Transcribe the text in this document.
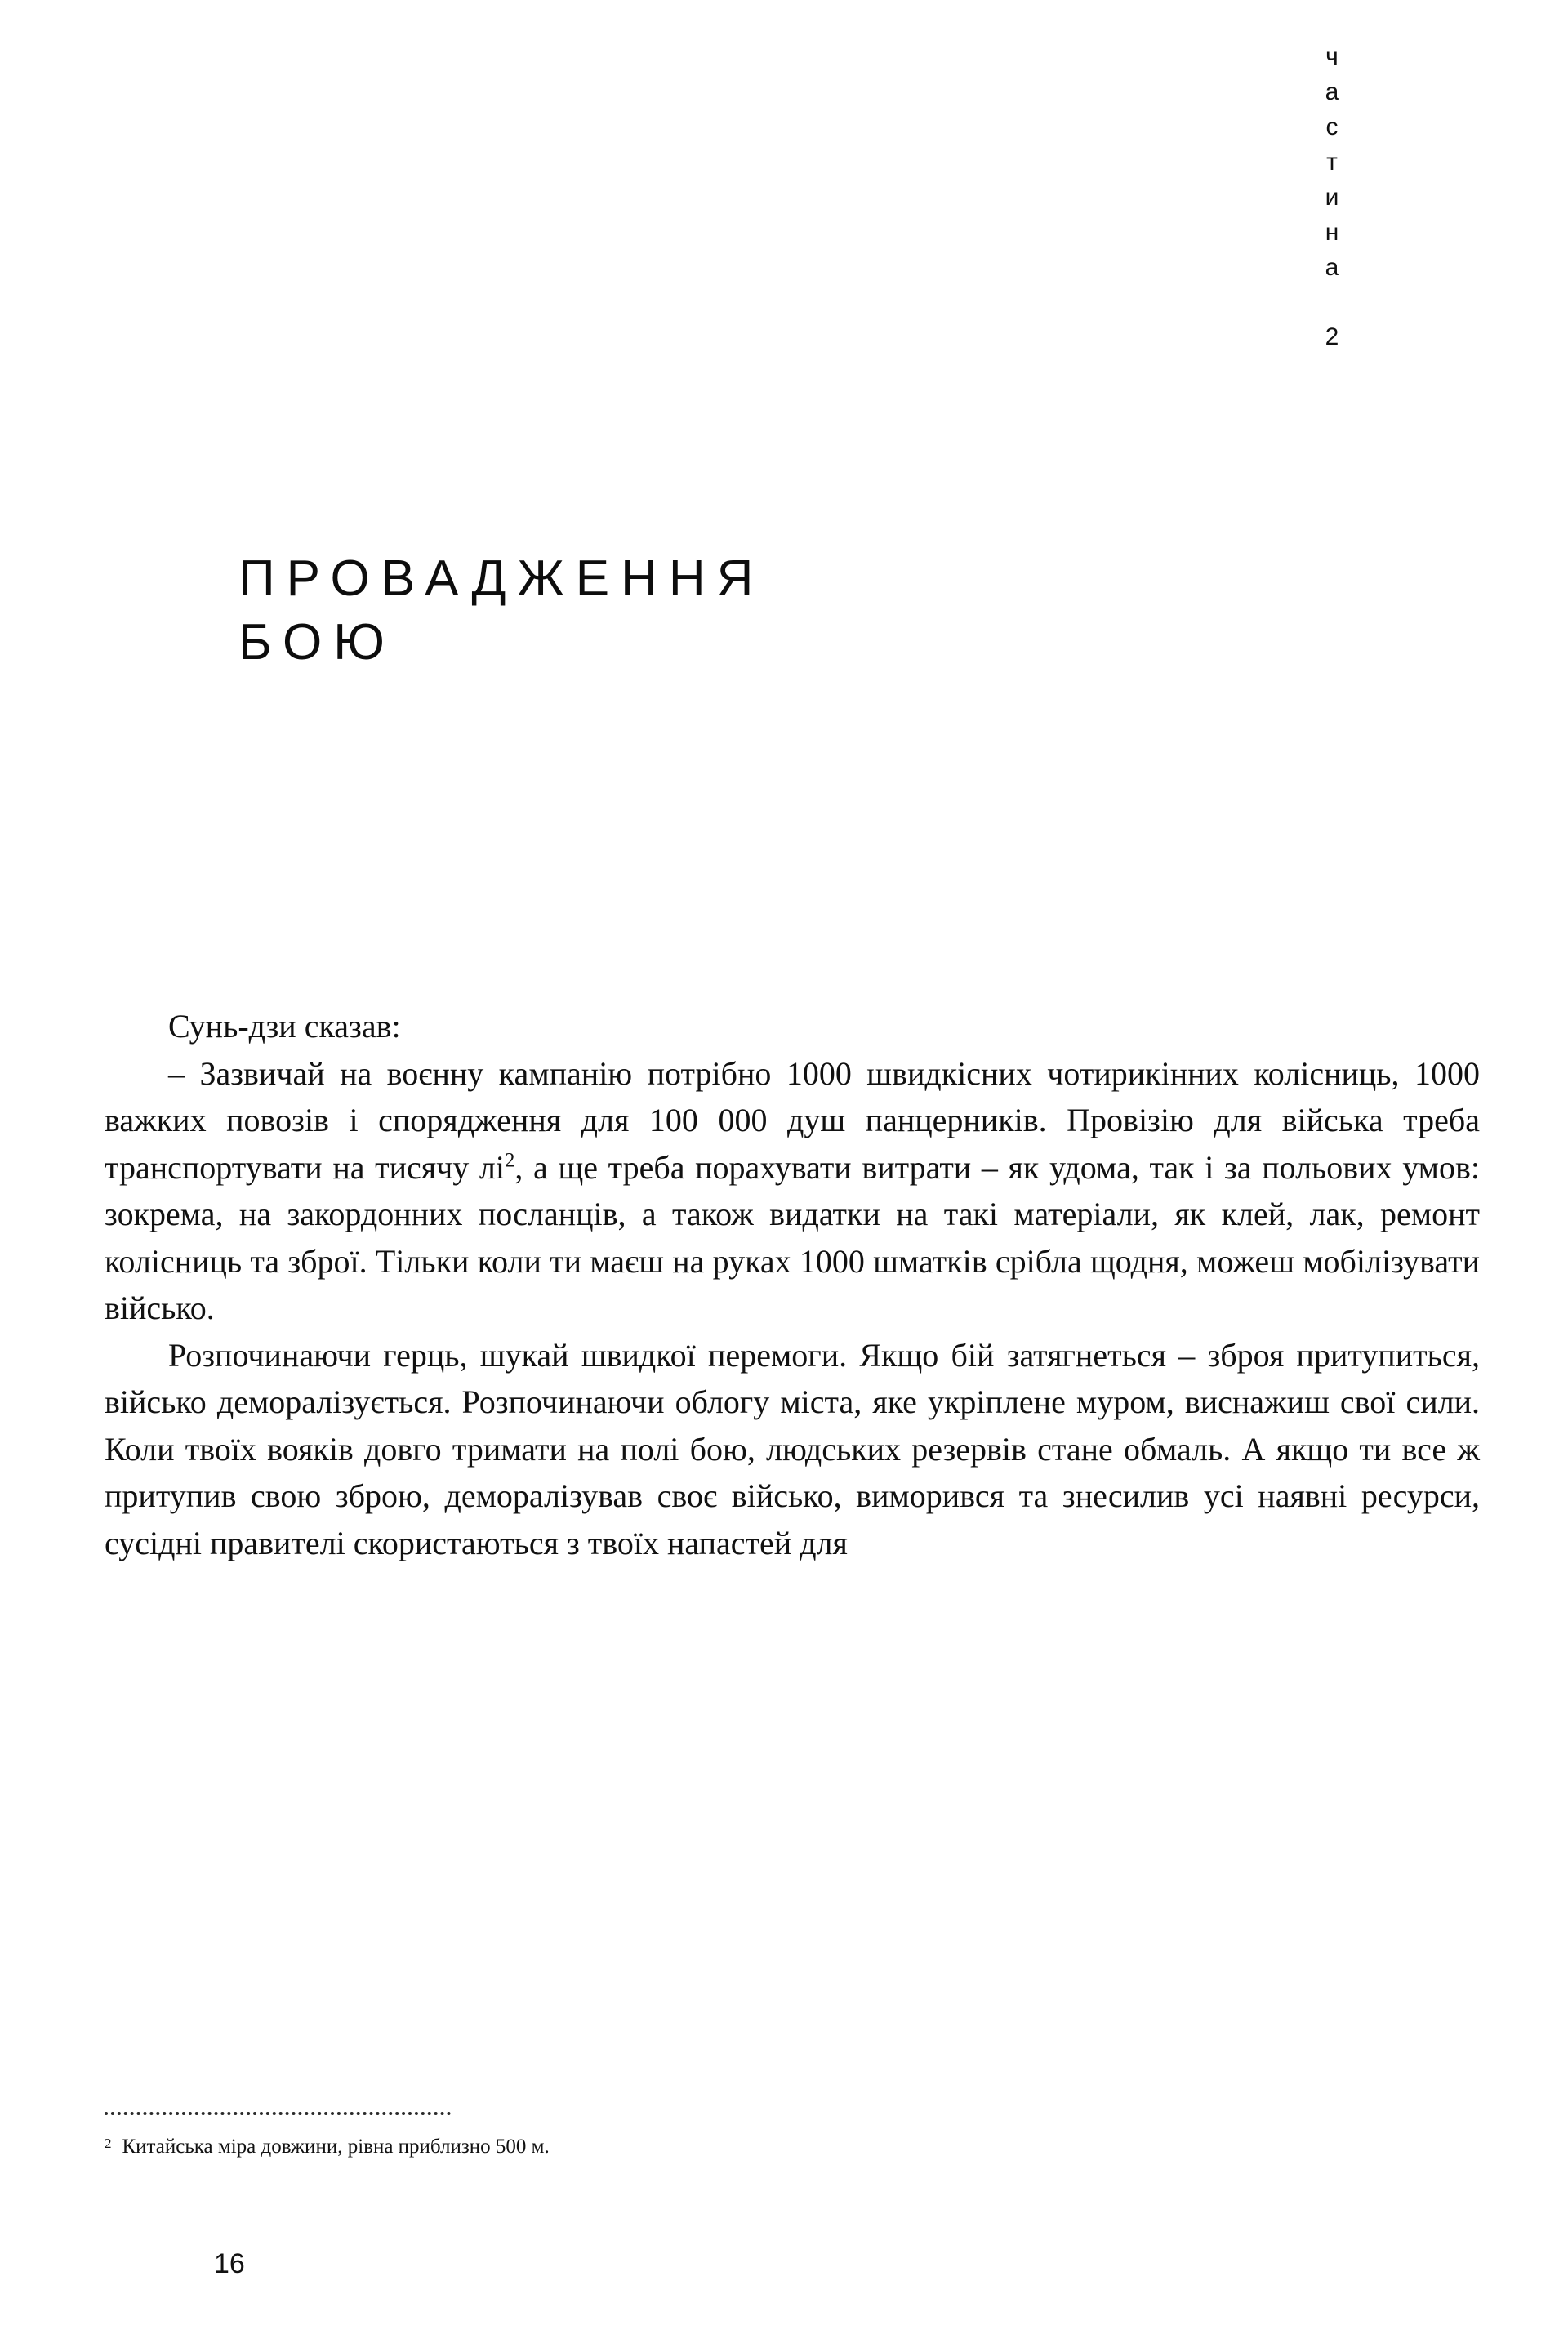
ч
а
с
т
и
н
а
2
ПРОВАДЖЕННЯ
БОЮ

Сунь-дзи сказав:

– Зазвичай на воєнну кампанію потрібно 1000 швидкісних чотирикінних колісниць, 1000 важких повозів і спорядження для 100 000 душ панцерників. Провізію для війська треба транспортувати на тисячу лі$^2$, а ще треба порахувати витрати – як удома, так і за польових умов: зокрема, на закордонних посланців, а також видатки на такі матеріали, як клей, лак, ремонт колісниць та зброї. Тільки коли ти маєш на руках 1000 шматків срібла щодня, можеш мобілізувати військо.

Розпочинаючи герць, шукай швидкої перемоги. Якщо бій затягнеться – зброя притупиться, військо деморалізується. Розпочинаючи облогу міста, яке укріплене муром, виснажиш свої сили. Коли твоїх вояків довго тримати на полі бою, людських резервів стане обмаль. А якщо ти все ж притупив свою зброю, деморалізував своє військо, виморився та знесилив усі наявні ресурси, сусідні правителі скористаються з твоїх напастей для

2 Китайська міра довжини, рівна приблизно 500 м.
16
